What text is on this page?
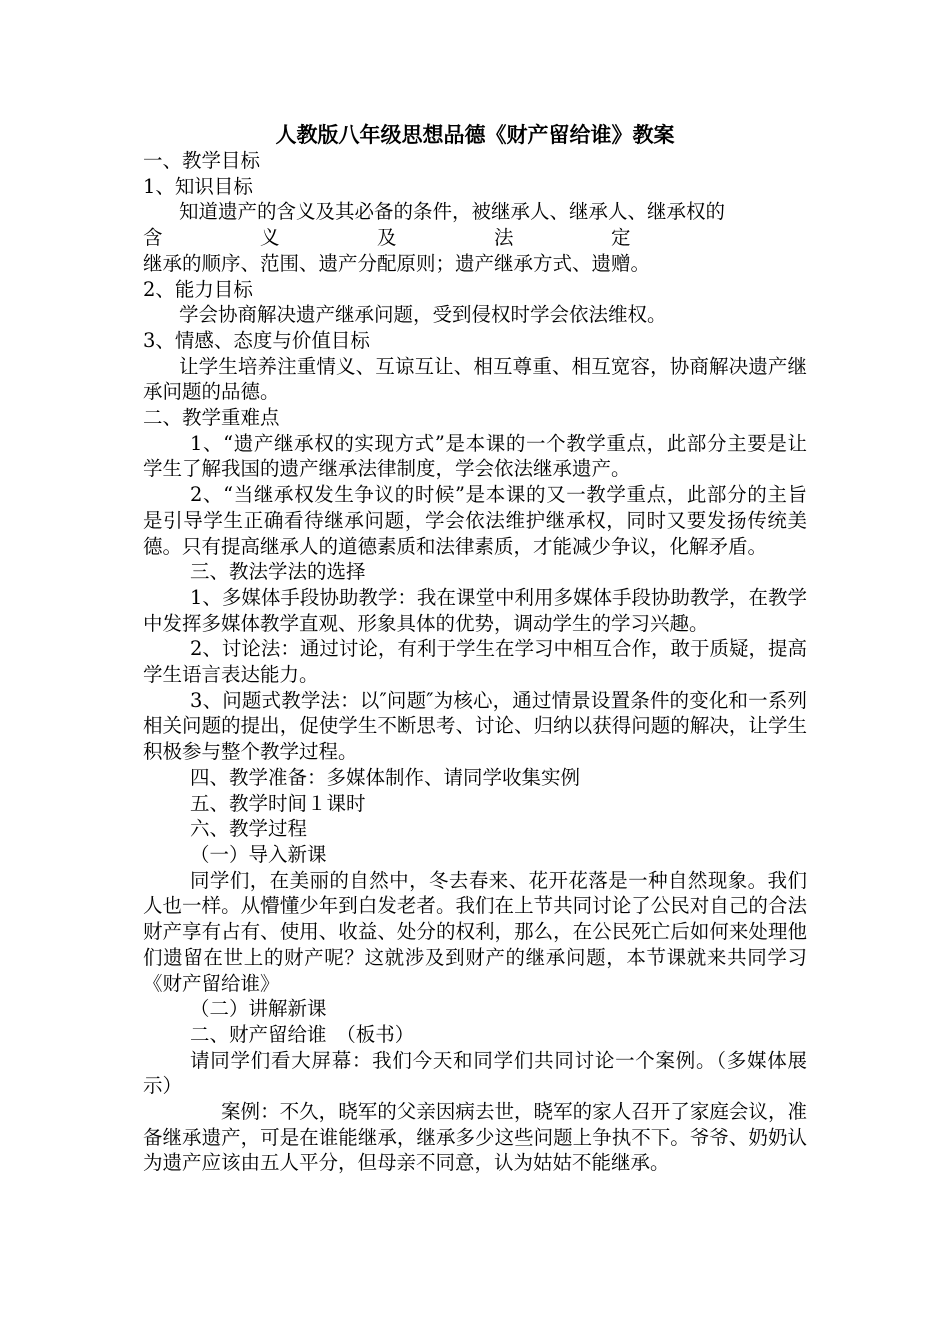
人教版八年级思想品德《财产留给谁》教案

一、教学目标

1、知识目标

知道遗产的含义及其必备的条件，被继承人、继承人、继承权的

含　　　　　义　　　　　及　　　　　法　　　　　定

继承的顺序、范围、遗产分配原则；遗产继承方式、遗赠。

2、能力目标

学会协商解决遗产继承问题，受到侵权时学会依法维权。

3、情感、态度与价值目标

让学生培养注重情义、互谅互让、相互尊重、相互宽容，协商解决遗产继 承问题的品德。

二、教学重难点

1、“遗产继承权的实现方式”是本课的一个教学重点，此部分主要是让学生了解我国的遗产继承法律制度，学会依法继承遗产。

2、“当继承权发生争议的时候”是本课的又一教学重点，此部分的主旨是引导学生正确看待继承问题，学会依法维护继承权，同时又要发扬传统美德。只有提高继承人的道德素质和法律素质，才能减少争议，化解矛盾。

三、教法学法的选择

1、多媒体手段协助教学：我在课堂中利用多媒体手段协助教学，在教学中发挥多媒体教学直观、形象具体的优势，调动学生的学习兴趣。

2、讨论法：通过讨论，有利于学生在学习中相互合作，敢于质疑，提高学生语言表达能力。

3、问题式教学法：以″问题″为核心，通过情景设置条件的变化和一系列相关问题的提出，促使学生不断思考、讨论、归纳以获得问题的解决，让学生积极参与整个教学过程。

四、教学准备：多媒体制作、请同学收集实例

五、教学时间１课时

六、教学过程

（一）导入新课

同学们，在美丽的自然中，冬去春来、花开花落是一种自然现象。我们人也一样。从懵懂少年到白发老者。我们在上节共同讨论了公民对自己的合法财产享有占有、使用、收益、处分的权利，那么，在公民死亡后如何来处理他们遗留在世上的财产呢？这就涉及到财产的继承问题，本节课就来共同学习《财产留给谁》

（二）讲解新课

二、财产留给谁　（板书）

请同学们看大屏幕：我们今天和同学们共同讨论一个案例。（多媒体展示）

案例：不久，晓军的父亲因病去世，晓军的家人召开了家庭会议，准备继承遗产，可是在谁能继承，继承多少这些问题上争执不下。爷爷、奶奶认为遗产应该由五人平分，但母亲不同意，认为姑姑不能继承。
